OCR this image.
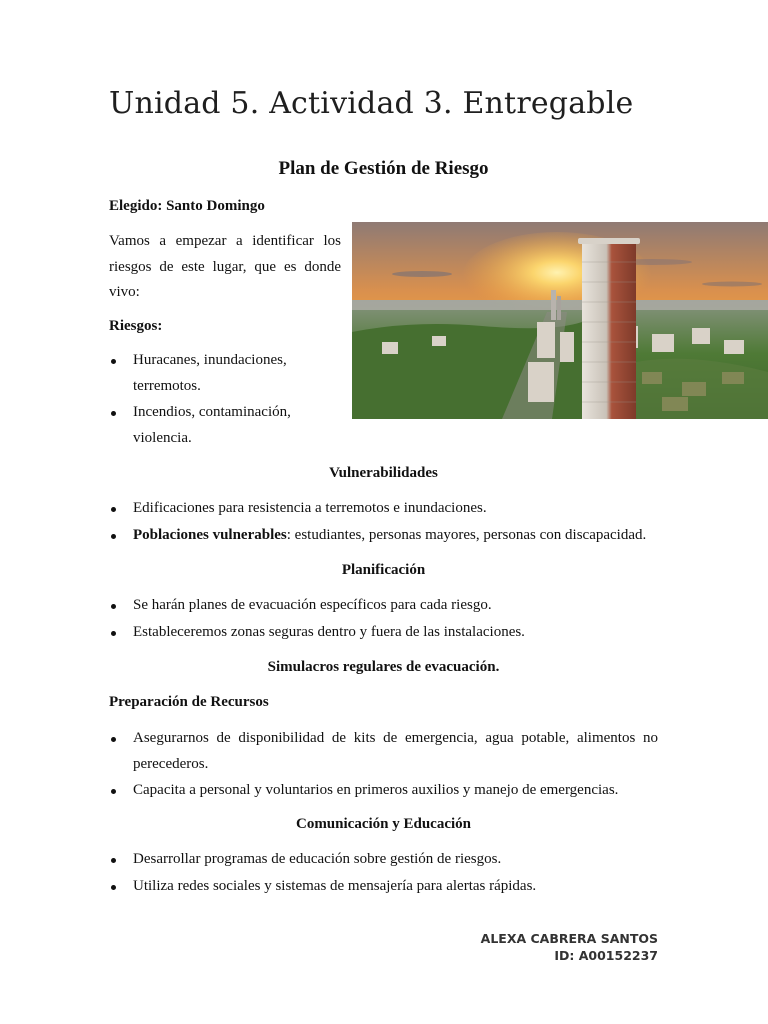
Unidad 5. Actividad 3. Entregable
Plan de Gestión de Riesgo

Elegido: Santo Domingo

Vamos a empezar a identificar los riesgos de este lugar, que es donde vivo:

Riesgos:

Huracanes, inundaciones, terremotos.
Incendios, contaminación, violencia.
Vulnerabilidades
Edificaciones para resistencia a terremotos e inundaciones.
Poblaciones vulnerables: estudiantes, personas mayores, personas con discapacidad.
Planificación
Se harán planes de evacuación específicos para cada riesgo.
Estableceremos zonas seguras dentro y fuera de las instalaciones.
Simulacros regulares de evacuación.

Preparación de Recursos

Asegurarnos de disponibilidad de kits de emergencia, agua potable, alimentos no perecederos.
Capacita a personal y voluntarios en primeros auxilios y manejo de emergencias.
Comunicación y Educación
Desarrollar programas de educación sobre gestión de riesgos.
Utiliza redes sociales y sistemas de mensajería para alertas rápidas.

ALEXA CABRERA SANTOS

ID: A00152237
